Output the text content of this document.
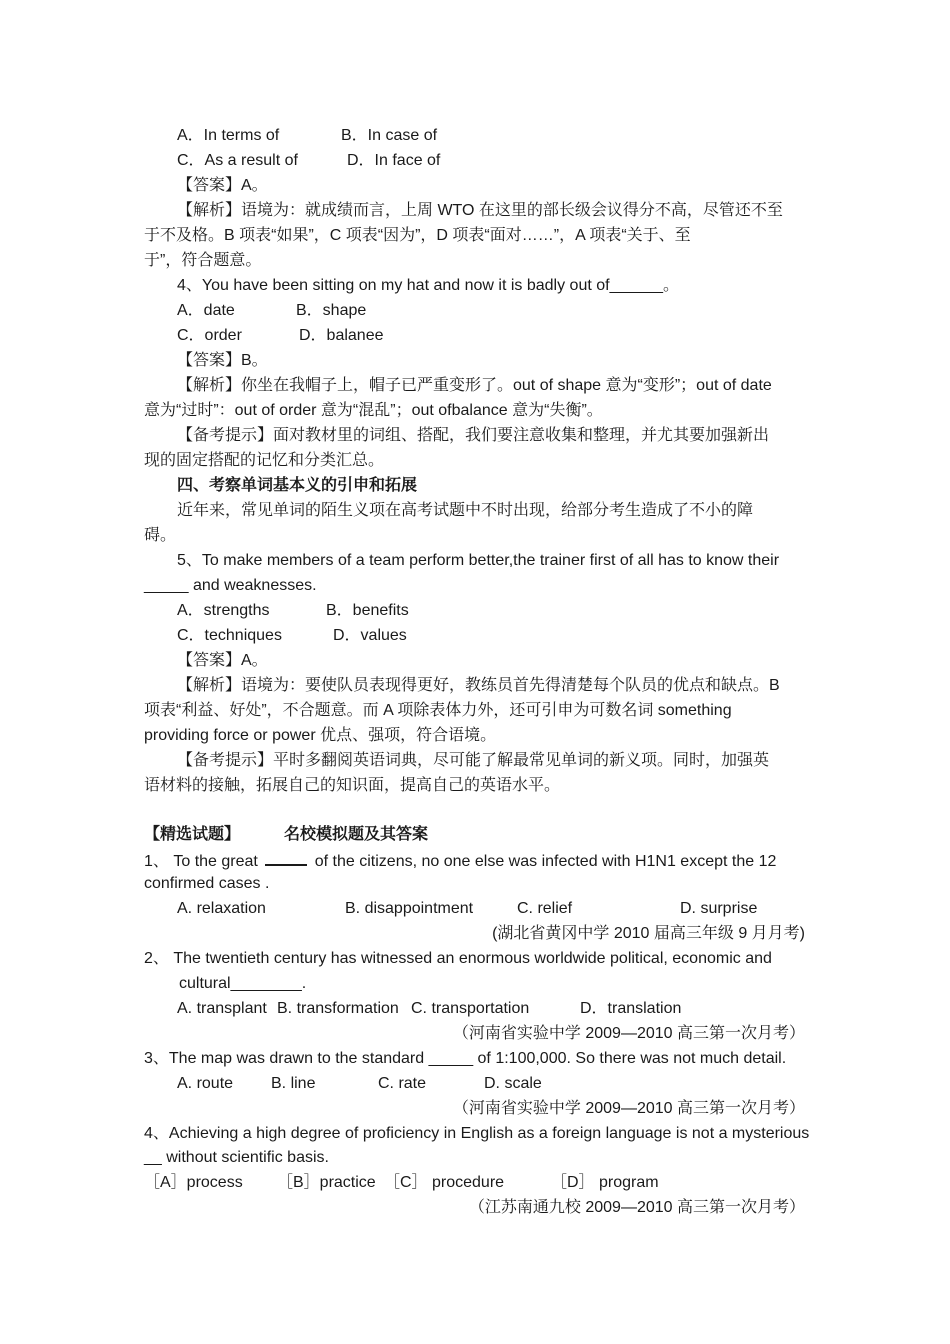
A．In terms of	B．In case of
C．As a result of	D．In face of
【答案】A。
【解析】语境为：就成绩而言，上周 WTO 在这里的部长级会议得分不高，尽管还不至
于不及格。B 项表“如果”，C 项表“因为”，D 项表“面对……”，A 项表“关于、至
于”，符合题意。
4、You have been sitting on my hat and now it is badly out of______。
A．date	B．shape
C．order	D．balanee
【答案】B。
【解析】你坐在我帽子上，帽子已严重变形了。out of shape 意为“变形”；out of date
意为“过时”：out of order 意为“混乱”；out ofbalance 意为“失衡”。
【备考提示】面对教材里的词组、搭配，我们要注意收集和整理，并尤其要加强新出
现的固定搭配的记忆和分类汇总。
四、考察单词基本义的引申和拓展
近年来，常见单词的陌生义项在高考试题中不时出现，给部分考生造成了不小的障
碍。
5、To make members of a team perform better,the trainer first of all has to know their
_____ and weaknesses.
A．strengths	B．benefits
C．techniques	D．values
【答案】A。
【解析】语境为：要使队员表现得更好，教练员首先得清楚每个队员的优点和缺点。B
项表“利益、好处”，不合题意。而 A 项除表体力外，还可引申为可数名词 something
providing force or power 优点、强项，符合语境。
【备考提示】平时多翻阅英语词典，尽可能了解最常见单词的新义项。同时，加强英
语材料的接触，拓展自己的知识面，提高自己的英语水平。
【精选试题】	名校模拟题及其答案
1、 To the great	of the citizens, no one else was infected with H1N1 except the 12
confirmed cases .
A. relaxation	B. disappointment	C. relief	D. surprise
(湖北省黄冈中学 2010 届高三年级 9 月月考)
2、 The twentieth century has witnessed an enormous worldwide political, economic and
cultural________.
A. transplant B. transformation C. transportation	D．translation
（河南省实验中学 2009—2010 高三第一次月考）
3、The map was drawn to the standard _____ of 1:100,000. So there was not much detail.
A. route B. line	C. rate	D. scale
（河南省实验中学 2009—2010 高三第一次月考）
4、Achieving a high degree of proficiency in English as a foreign language is not a mysterious
__ without scientific basis.
［A］process ［B］practice ［C］ procedure	［D］ program
（江苏南通九校 2009—2010 高三第一次月考）
